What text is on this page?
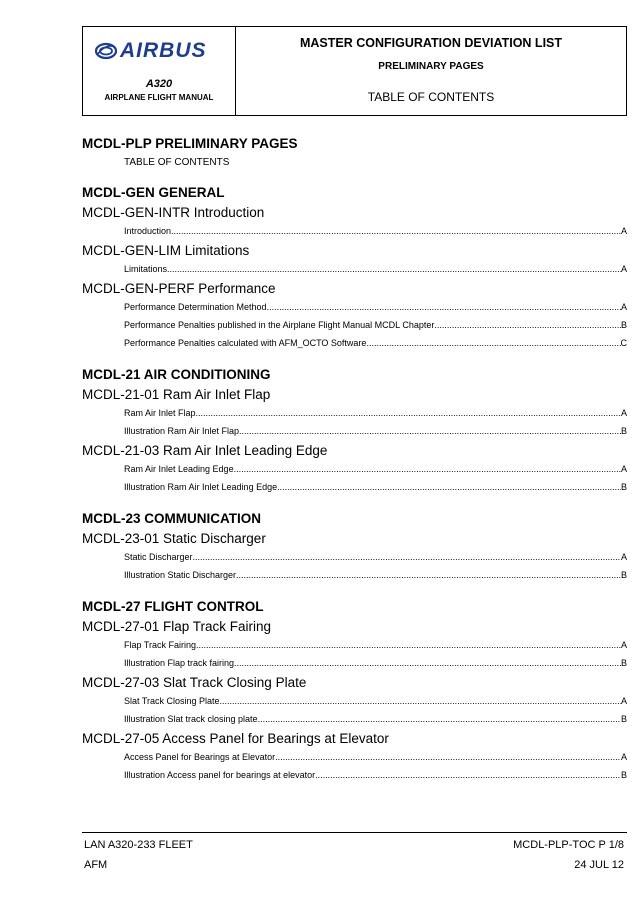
AIRBUS
A320
AIRPLANE FLIGHT MANUAL
MASTER CONFIGURATION DEVIATION LIST
PRELIMINARY PAGES
TABLE OF CONTENTS
MCDL-PLP PRELIMINARY PAGES
TABLE OF CONTENTS
MCDL-GEN GENERAL
MCDL-GEN-INTR Introduction
Introduction .....	A
MCDL-GEN-LIM Limitations
Limitations .....	A
MCDL-GEN-PERF Performance
Performance Determination Method .....	A
Performance Penalties published in the Airplane Flight Manual MCDL Chapter .....	B
Performance Penalties calculated with AFM_OCTO Software .....	C
MCDL-21 AIR CONDITIONING
MCDL-21-01 Ram Air Inlet Flap
Ram Air Inlet Flap .....	A
Illustration Ram Air Inlet Flap .....	B
MCDL-21-03 Ram Air Inlet Leading Edge
Ram Air Inlet Leading Edge .....	A
Illustration Ram Air Inlet Leading Edge .....	B
MCDL-23 COMMUNICATION
MCDL-23-01 Static Discharger
Static Discharger .....	A
Illustration Static Discharger .....	B
MCDL-27 FLIGHT CONTROL
MCDL-27-01 Flap Track Fairing
Flap Track Fairing .....	A
Illustration Flap track fairing .....	B
MCDL-27-03 Slat Track Closing Plate
Slat Track Closing Plate .....	A
Illustration Slat track closing plate .....	B
MCDL-27-05 Access Panel for Bearings at Elevator
Access Panel for Bearings at Elevator .....	A
Illustration Access panel for bearings at elevator .....	B
LAN A320-233 FLEET
AFM
MCDL-PLP-TOC P 1/8
24 JUL 12
